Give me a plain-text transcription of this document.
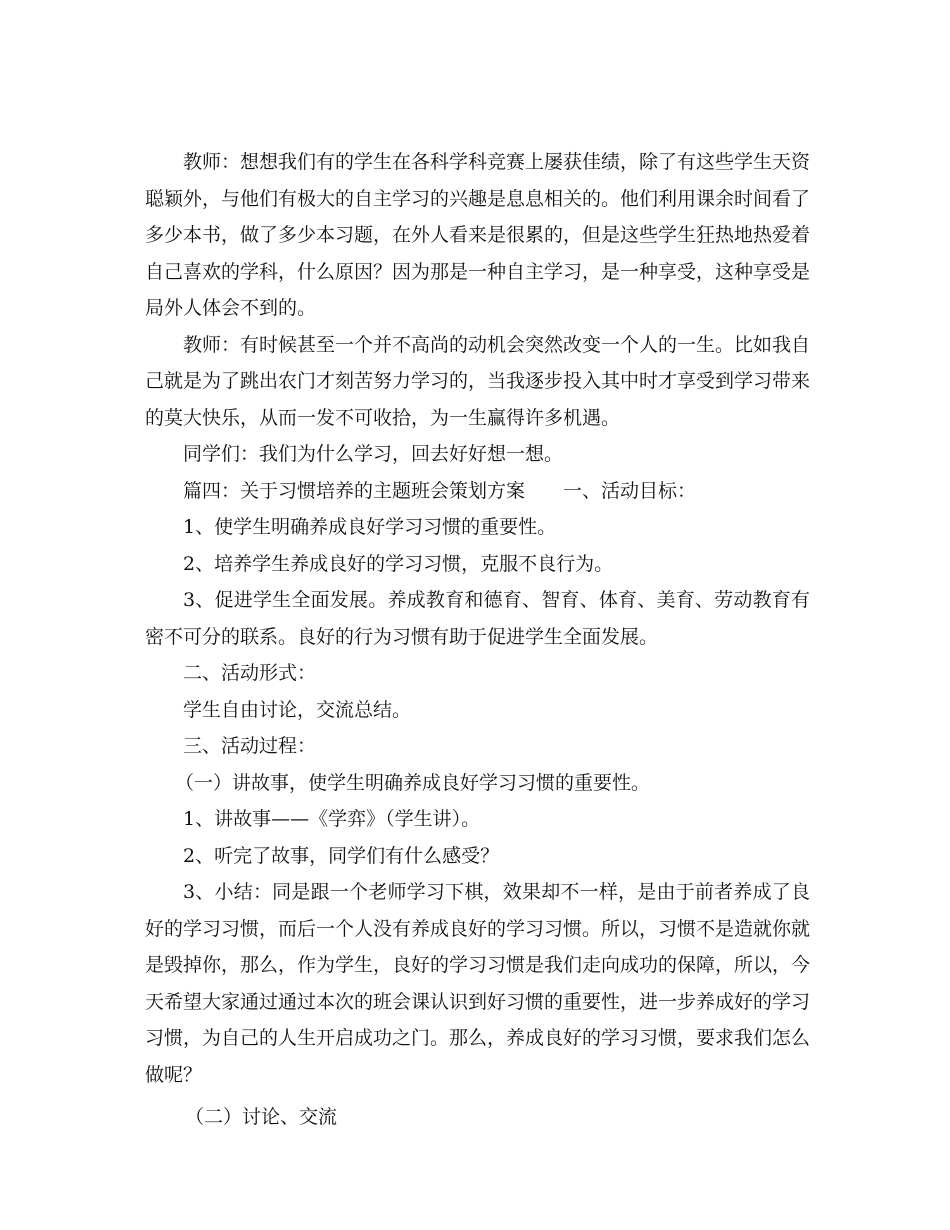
教师：想想我们有的学生在各科学科竞赛上屡获佳绩，除了有这些学生天资聪颖外，与他们有极大的自主学习的兴趣是息息相关的。他们利用课余时间看了多少本书，做了多少本习题，在外人看来是很累的，但是这些学生狂热地热爱着自己喜欢的学科，什么原因？因为那是一种自主学习，是一种享受，这种享受是局外人体会不到的。

教师：有时候甚至一个并不高尚的动机会突然改变一个人的一生。比如我自己就是为了跳出农门才刻苦努力学习的，当我逐步投入其中时才享受到学习带来的莫大快乐，从而一发不可收拾，为一生赢得许多机遇。

同学们：我们为什么学习，回去好好想一想。

篇四：关于习惯培养的主题班会策划方案　　一、活动目标：

1、使学生明确养成良好学习习惯的重要性。

2、培养学生养成良好的学习习惯，克服不良行为。

3、促进学生全面发展。养成教育和德育、智育、体育、美育、劳动教育有密不可分的联系。良好的行为习惯有助于促进学生全面发展。

二、活动形式：

学生自由讨论，交流总结。

三、活动过程：

（一）讲故事，使学生明确养成良好学习习惯的重要性。

1、讲故事——《学弈》（学生讲）。

2、听完了故事，同学们有什么感受？

3、小结：同是跟一个老师学习下棋，效果却不一样，是由于前者养成了良好的学习习惯，而后一个人没有养成良好的学习习惯。所以，习惯不是造就你就是毁掉你，那么，作为学生，良好的学习习惯是我们走向成功的保障，所以，今天希望大家通过通过本次的班会课认识到好习惯的重要性，进一步养成好的学习习惯，为自己的人生开启成功之门。那么，养成良好的学习习惯，要求我们怎么做呢？

（二）讨论、交流
